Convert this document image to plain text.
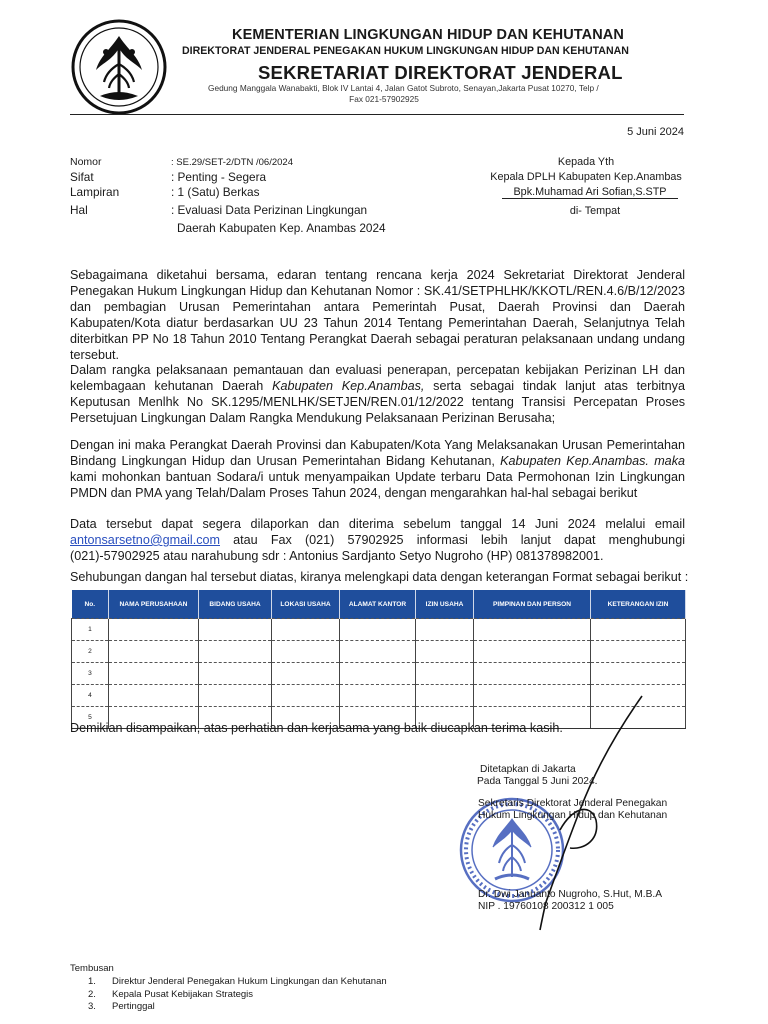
KEMENTERIAN LINGKUNGAN HIDUP DAN KEHUTANAN
DIREKTORAT JENDERAL PENEGAKAN HUKUM LINGKUNGAN HIDUP DAN KEHUTANAN
SEKRETARIAT DIREKTORAT JENDERAL
Gedung Manggala Wanabakti, Blok IV Lantai 4, Jalan Gatot Subroto, Senayan,Jakarta Pusat 10270, Telp /
Fax 021-57902925
5 Juni 2024
Nomor	: SE.29/SET-2/DTN /06/2024
Sifat	: Penting - Segera
Lampiran	: 1 (Satu) Berkas
Hal	: Evaluasi Data Perizinan Lingkungan
Daerah Kabupaten Kep. Anambas 2024
Kepada Yth
Kepala DPLH Kabupaten Kep.Anambas
Bpk.Muhamad Ari Sofian,S.STP
di- Tempat
Sebagaimana diketahui bersama, edaran tentang rencana kerja 2024 Sekretariat Direktorat Jenderal Penegakan Hukum Lingkungan Hidup dan Kehutanan Nomor : SK.41/SETPHLHK/KKOTL/REN.4.6/B/12/2023 dan pembagian Urusan Pemerintahan antara Pemerintah Pusat, Daerah Provinsi dan Daerah Kabupaten/Kota diatur berdasarkan UU 23 Tahun 2014 Tentang Pemerintahan Daerah, Selanjutnya Telah diterbitkan PP No 18 Tahun 2010 Tentang Perangkat Daerah sebagai peraturan pelaksanaan undang undang tersebut.
Dalam rangka pelaksanaan pemantauan dan evaluasi penerapan, percepatan kebijakan Perizinan LH dan kelembagaan kehutanan Daerah Kabupaten Kep.Anambas, serta sebagai tindak lanjut atas terbitnya Keputusan Menlhk No SK.1295/MENLHK/SETJEN/REN.01/12/2022 tentang Transisi Percepatan Proses Persetujuan Lingkungan Dalam Rangka Mendukung Pelaksanaan Perizinan Berusaha;
Dengan ini maka Perangkat Daerah Provinsi dan Kabupaten/Kota Yang Melaksanakan Urusan Pemerintahan Bindang Lingkungan Hidup dan Urusan Pemerintahan Bidang Kehutanan, Kabupaten Kep.Anambas. maka kami mohonkan bantuan Sodara/i untuk menyampaikan Update terbaru Data Permohonan Izin Lingkungan PMDN dan PMA yang Telah/Dalam Proses Tahun 2024, dengan mengarahkan hal-hal sebagai berikut
Data tersebut dapat segera dilaporkan dan diterima sebelum tanggal 14 Juni 2024 melalui email antonsarsetno@gmail.com atau Fax (021) 57902925 informasi lebih lanjut dapat menghubungi (021)-57902925 atau narahubung sdr : Antonius Sardjanto Setyo Nugroho (HP) 081378982001.
Sehubungan dangan hal tersebut diatas, kiranya melengkapi data dengan keterangan Format sebagai berikut :
No.	NAMA PERUSAHAAN	BIDANG USAHA	LOKASI USAHA	ALAMAT KANTOR	IZIN USAHA	PIMPINAN DAN PERSON	KETERANGAN IZIN
1							
2							
3							
4							
5							
Demikian disampaikan, atas perhatian dan kerjasama yang baik diucapkan terima kasih.
Ditetapkan di Jakarta
Pada Tanggal 5 Juni 2024.
Sekretaris Direktorat Jenderal Penegakan
Hukum Lingkungan Hidup dan Kehutanan
Dr. Dwi Januanto Nugroho, S.Hut, M.B.A
NIP . 19760108 200312 1 005
Tembusan
1. Direktur Jenderal Penegakan Hukum Lingkungan dan Kehutanan
2. Kepala Pusat Kebijakan Strategis
3. Pertinggal
